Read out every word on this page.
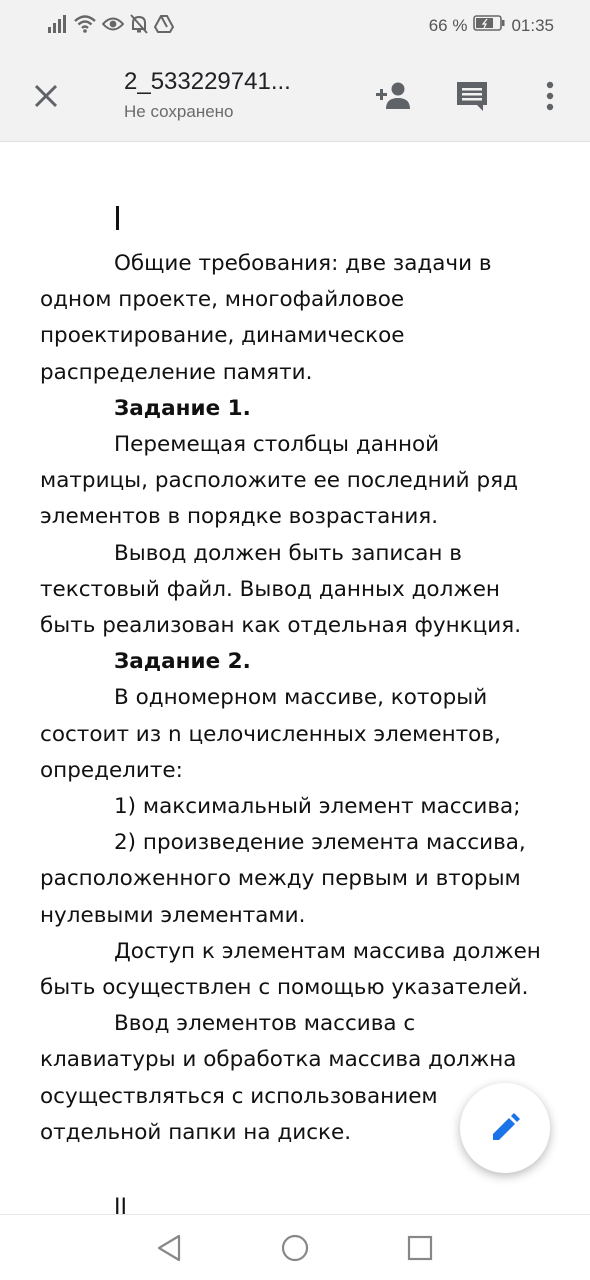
66 %	01:35
2_533229741...
Не сохранено
Общие требования: две задачи в одном проекте, многофайловое проектирование, динамическое распределение памяти.
Задание 1.
Перемещая столбцы данной матрицы, расположите ее последний ряд элементов в порядке возрастания.
Вывод должен быть записан в текстовый файл. Вывод данных должен быть реализован как отдельная функция.
Задание 2.
В одномерном массиве, который состоит из n целочисленных элементов, определите:
1) максимальный элемент массива;
2) произведение элемента массива, расположенного между первым и вторым нулевыми элементами.
Доступ к элементам массива должен быть осуществлен с помощью указателей.
Ввод элементов массива с клавиатуры и обработка массива должна осуществляться с использованием отдельной папки на диске.
II
